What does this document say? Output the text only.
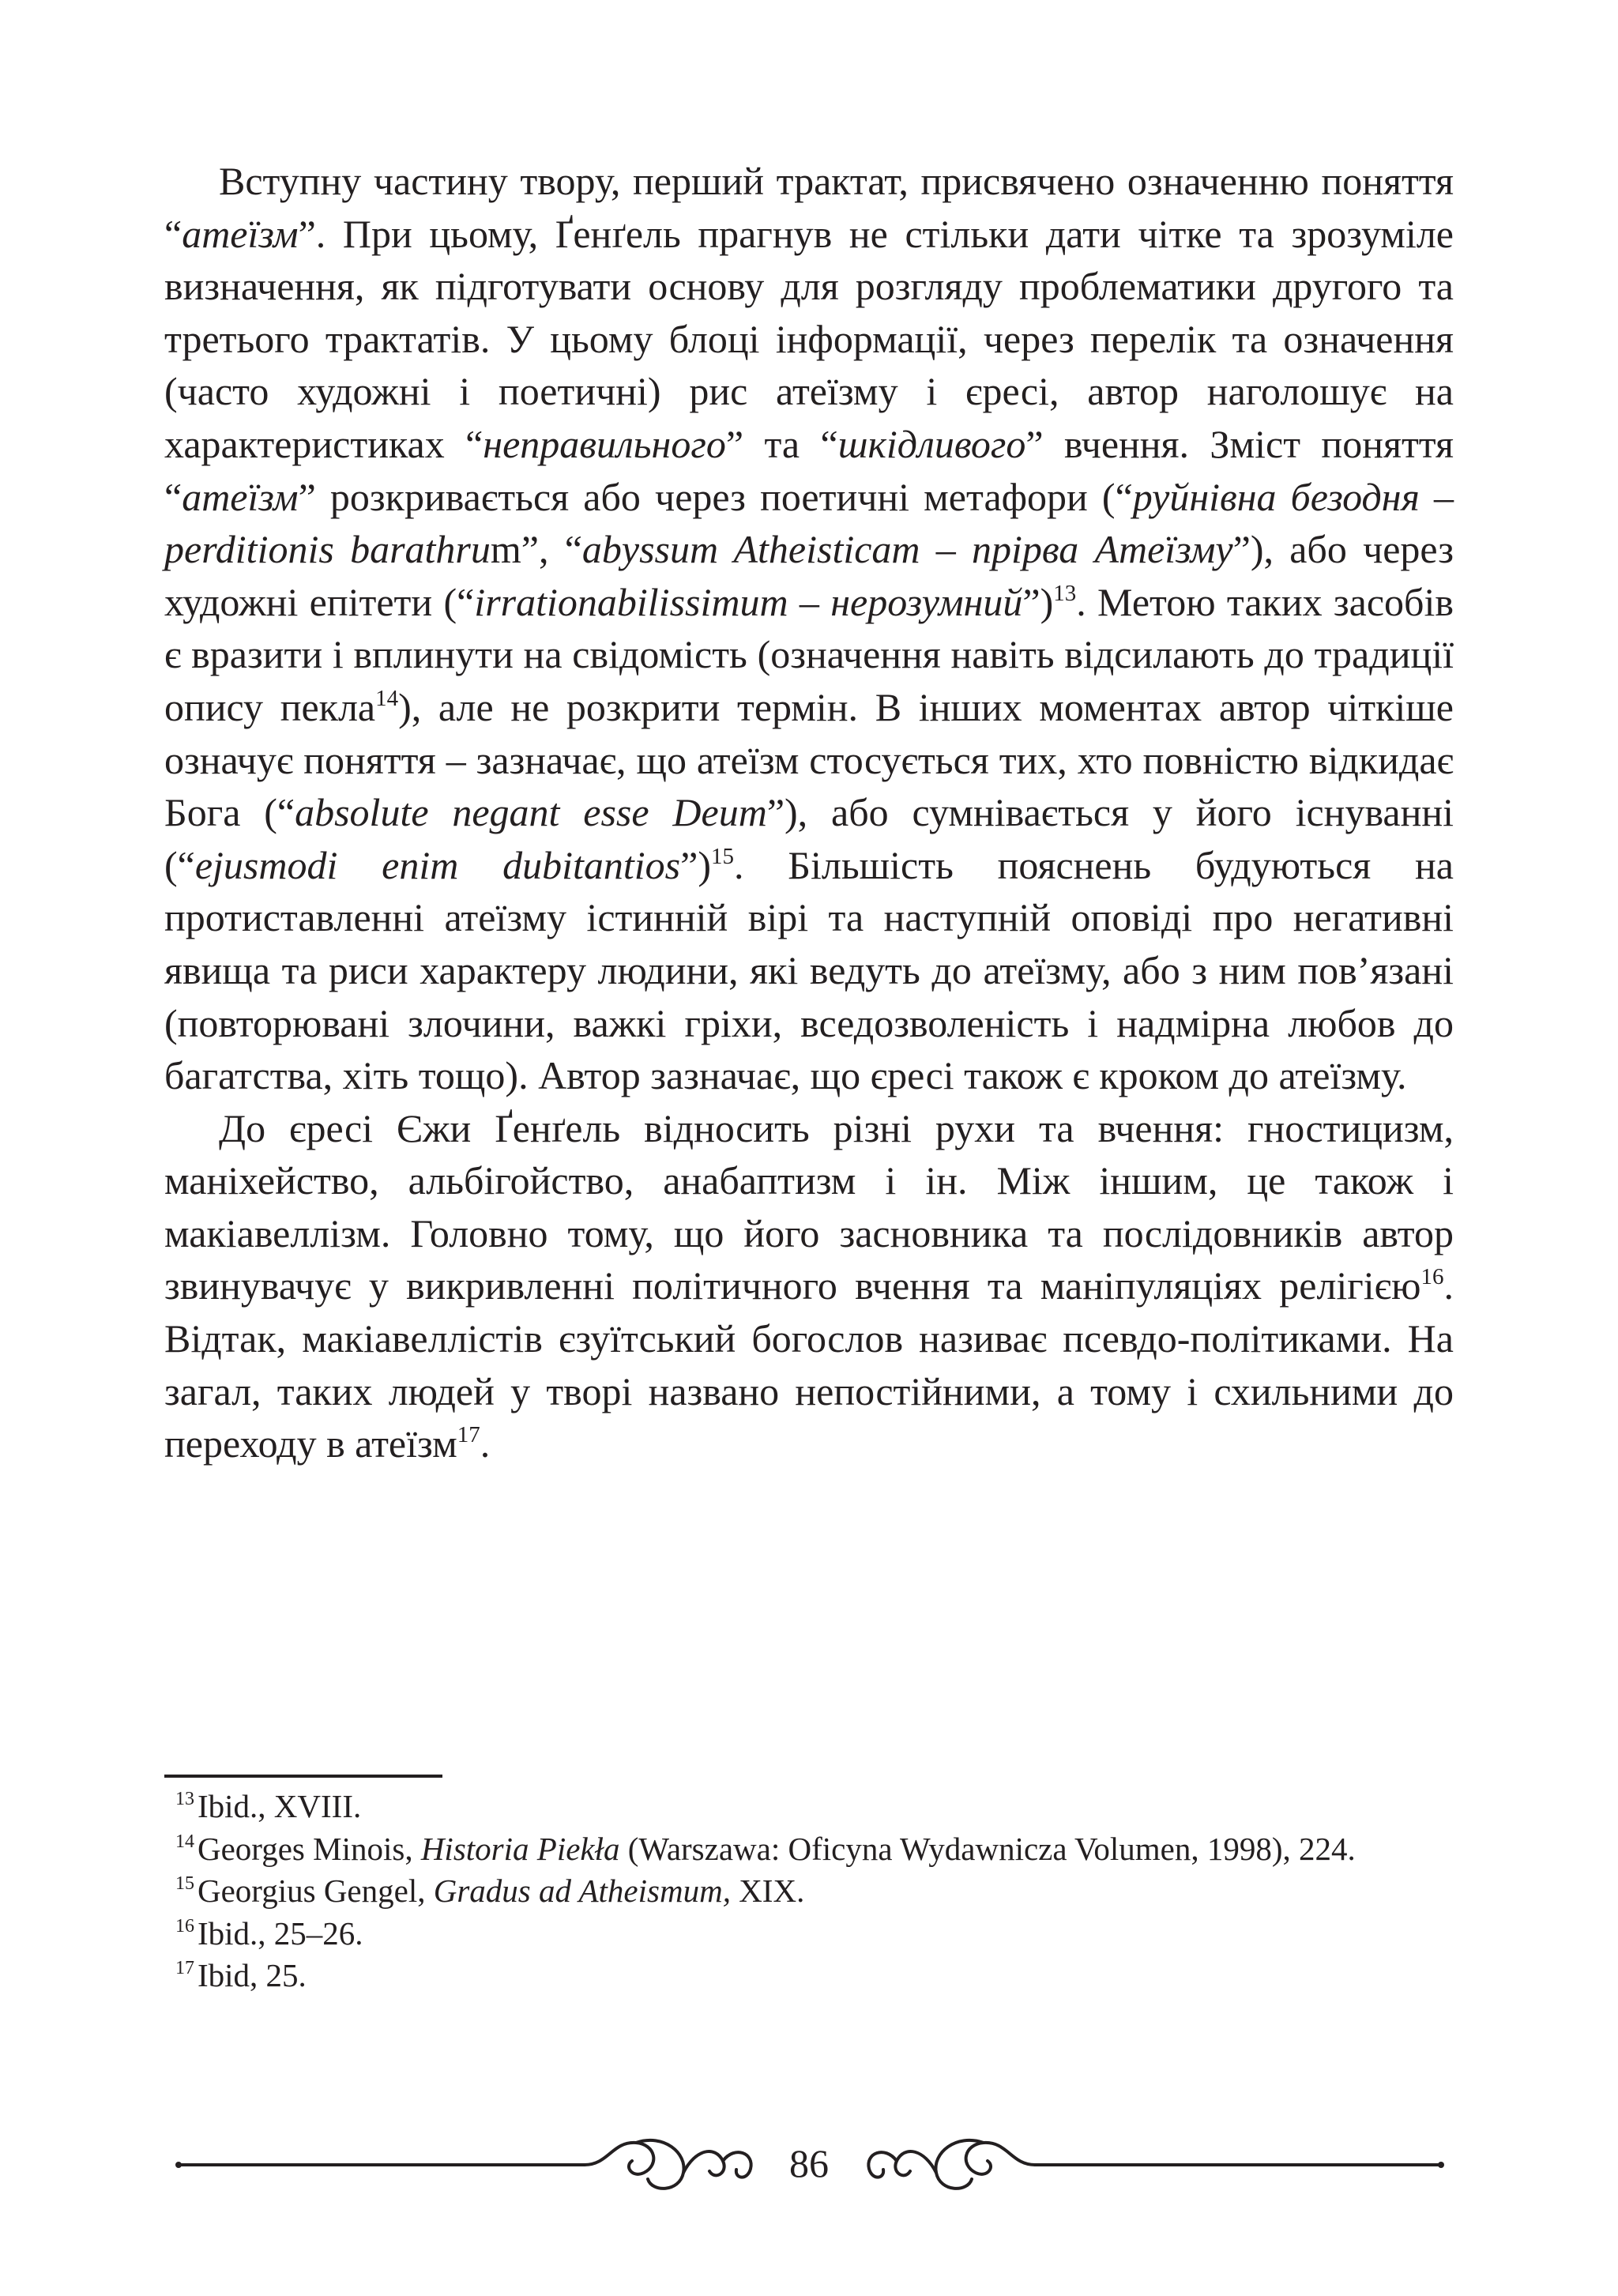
Вступну частину твору, перший трактат, присвячено означенню поняття “атеїзм”. При цьому, Ґенґель прагнув не стільки дати чітке та зрозуміле визначення, як підготувати основу для розгляду проблематики другого та третього трактатів. У цьому блоці інформації, через перелік та означення (часто художні і поетичні) рис атеїзму і єресі, автор наголошує на характеристиках “неправильного” та “шкідливого” вчення. Зміст поняття “атеїзм” розкривається або через поетичні метафори (“руйнівна безодня – perditionis barathrum”, “abyssum Atheisticam – прірва Атеїзму”), або через художні епітети (“irrationabilissimum – нерозумний”)$^{13}$. Метою таких засобів є вразити і вплинути на свідомість (означення навіть відсилають до традиції опису пекла$^{14}$), але не розкрити термін. В інших моментах автор чіткіше означує поняття – зазначає, що атеїзм стосується тих, хто повністю відкидає Бога (“absolute negant esse Deum”), або сумнівається у його існуванні (“ejusmodi enim dubitantios”)$^{15}$. Більшість пояснень будуються на протиставленні атеїзму істинній вірі та наступній оповіді про негативні явища та риси характеру людини, які ведуть до атеїзму, або з ним пов’язані (повторювані злочини, важкі гріхи, вседозволеність і надмірна любов до багатства, хіть тощо). Автор зазначає, що єресі також є кроком до атеїзму.

До єресі Єжи Ґенґель відносить різні рухи та вчення: гностицизм, маніхейство, альбігойство, анабаптизм і ін. Між іншим, це також і макіавеллізм. Головно тому, що його засновника та послідовників автор звинувачує у викривленні політичного вчення та маніпуляціях релігією$^{16}$. Відтак, макіавеллістів єзуїтський богослов називає псевдо-політиками. На загал, таких людей у творі названо непостійними, а тому і схильними до переходу в атеїзм$^{17}$.

$^{13}$Ibid., XVIII.

$^{14}$Georges Minois, Historia Piekła (Warszawa: Oficyna Wydawnicza Volumen, 1998), 224.

$^{15}$Georgius Gengel, Gradus ad Atheismum, XIX.

$^{16}$Ibid., 25–26.

$^{17}$Ibid, 25.

86
